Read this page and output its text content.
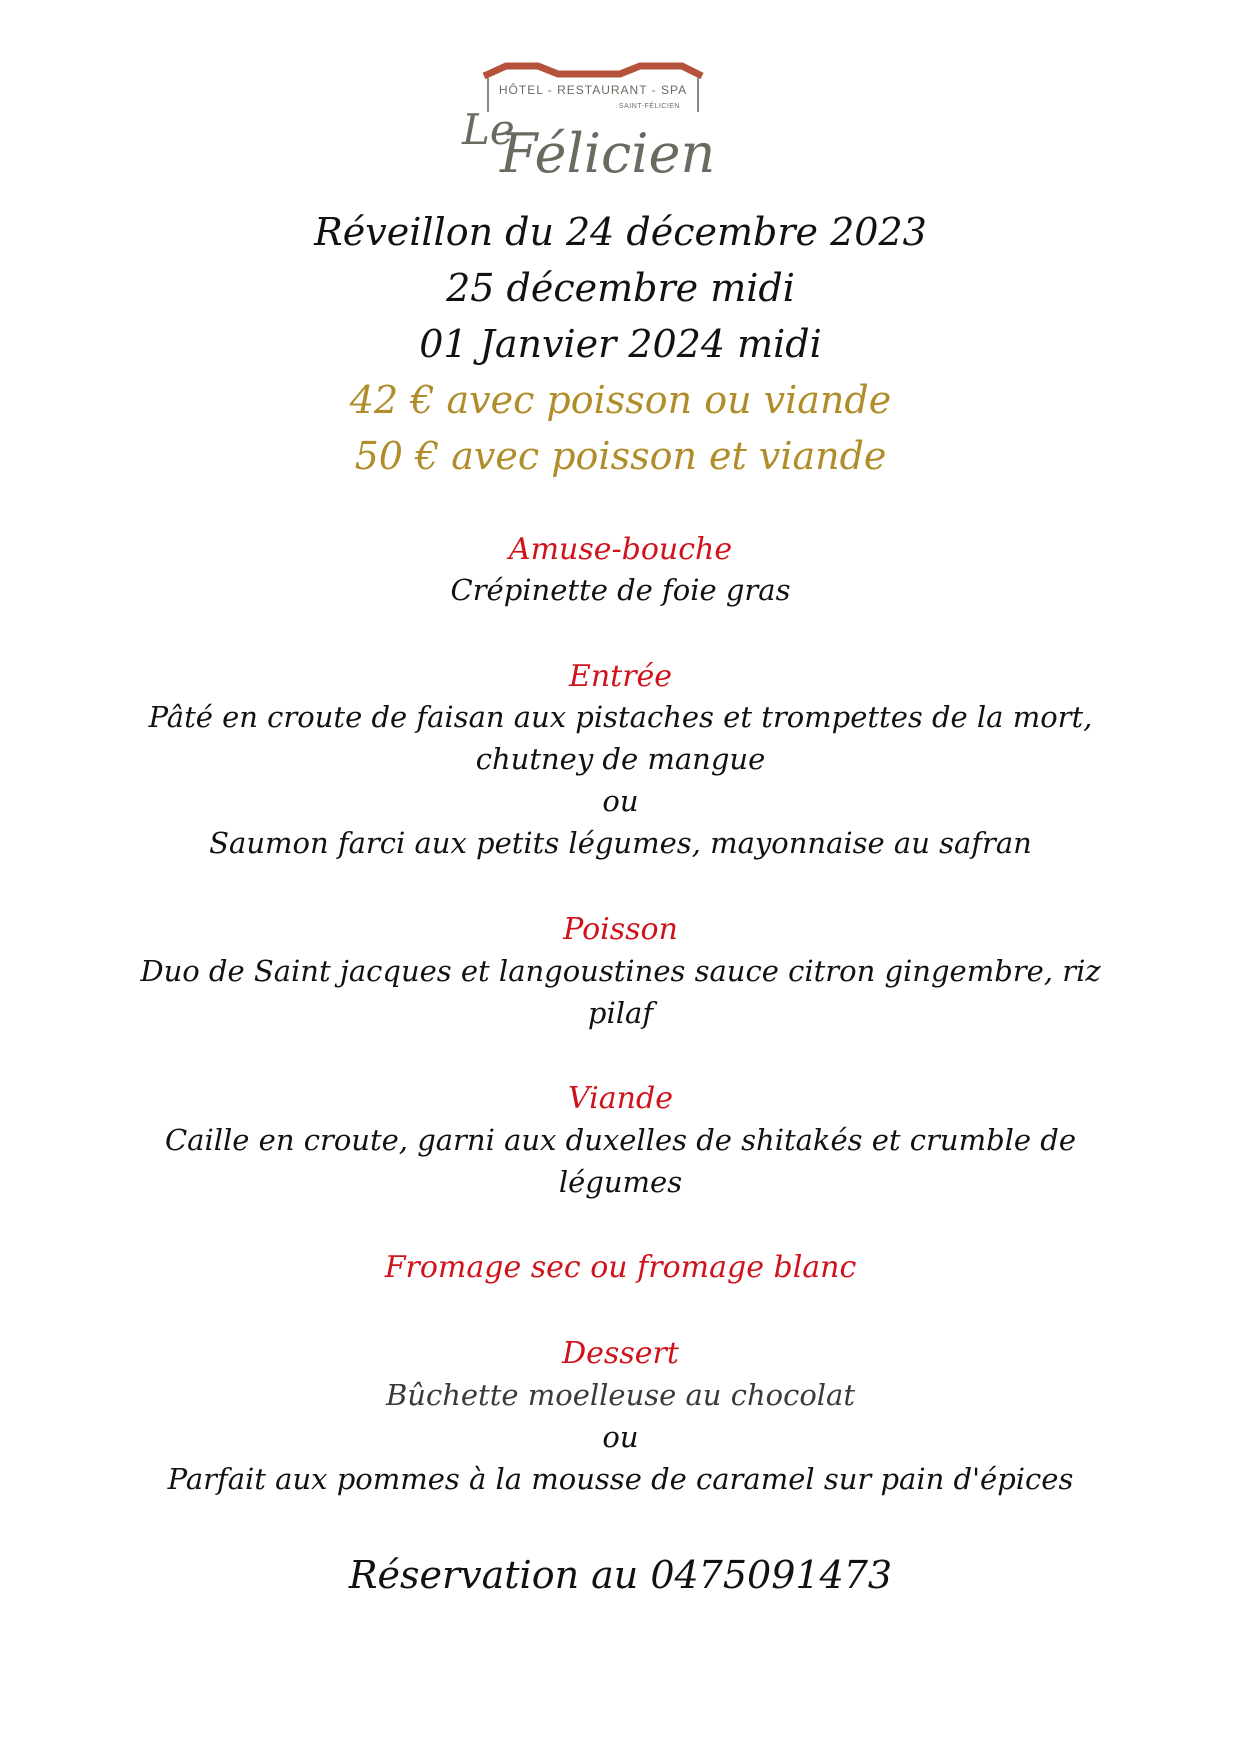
HÔTEL - RESTAURANT - SPA
SAINT-FÉLICIEN
Le
Félicien
Réveillon du 24 décembre 2023
25 décembre midi
01 Janvier 2024 midi
42 € avec poisson ou viande
50 € avec poisson et viande
Amuse-bouche
Crépinette de foie gras
Entrée
Pâté en croute de faisan aux pistaches et trompettes de la mort,
chutney de mangue
ou
Saumon farci aux petits légumes, mayonnaise au safran
Poisson
Duo de Saint jacques et langoustines sauce citron gingembre, riz
pilaf
Viande
Caille en croute, garni aux duxelles de shitakés et crumble de
légumes
Fromage sec ou fromage blanc
Dessert
Bûchette moelleuse au chocolat
ou
Parfait aux pommes à la mousse de caramel sur pain d'épices
Réservation au 0475091473
